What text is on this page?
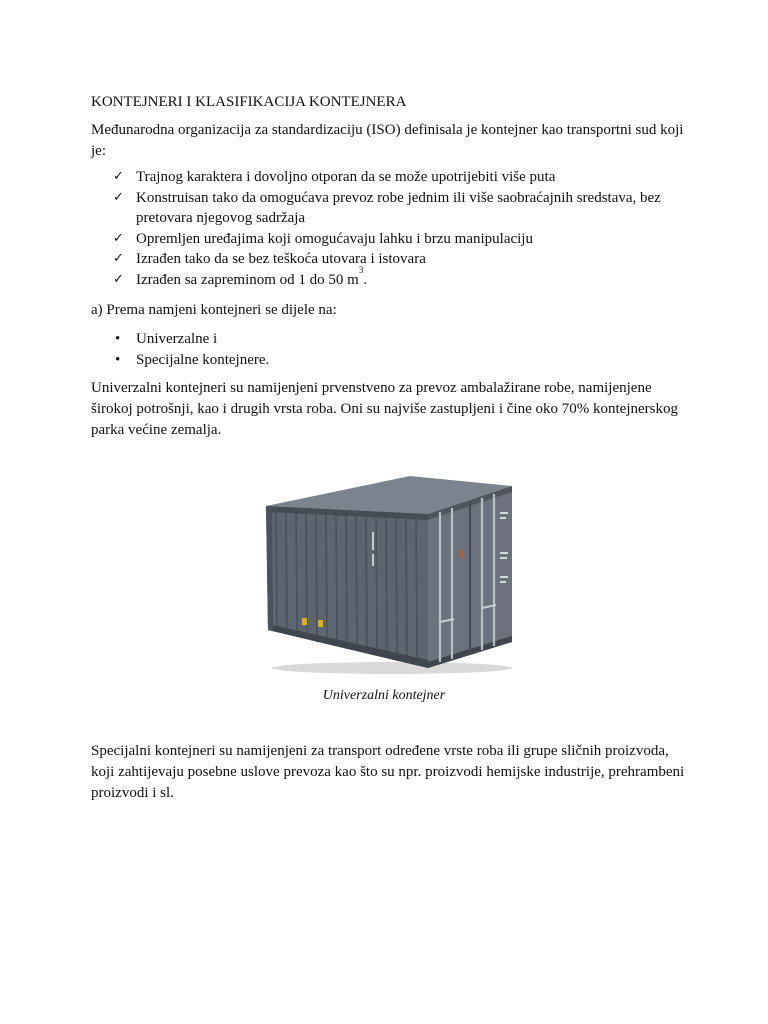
KONTEJNERI I KLASIFIKACIJA KONTEJNERA

Međunarodna organizacija za standardizaciju (ISO) definisala je kontejner kao transportni sud koji je:

✓ Trajnog karaktera i dovoljno otporan da se može upotrijebiti više puta
✓ Konstruisan tako da omogućava prevoz robe jednim ili više saobraćajnih sredstava, bez pretovara njegovog sadržaja
✓ Opremljen uređajima koji omogućavaju lahku i brzu manipulaciju
✓ Izrađen tako da se bez teškoća utovara i istovara
✓ Izrađen sa zapreminom od 1 do 50 $m^3$.

a) Prema namjeni kontejneri se dijele na:

• Univerzalne i
• Specijalne kontejnere.

Univerzalni kontejneri su namijenjeni prvenstveno za prevoz ambalažirane robe, namijenjene širokoj potrošnji, kao i drugih vrsta roba. Oni su najviše zastupljeni i čine oko 70% kontejnerskog parka većine zemalja.

Univerzalni kontejner

Specijalni kontejneri su namijenjeni za transport određene vrste roba ili grupe sličnih proizvoda, koji zahtijevaju posebne uslove prevoza kao što su npr. proizvodi hemijske industrije, prehrambeni proizvodi i sl.
